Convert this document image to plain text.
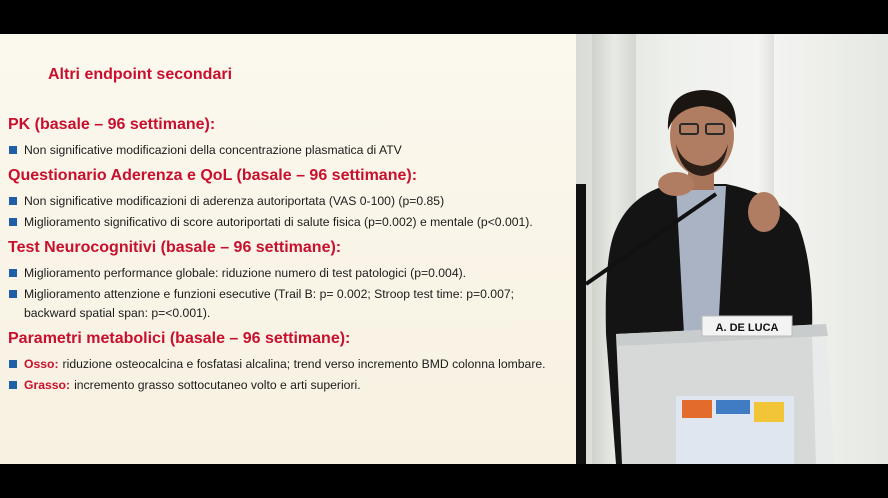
Altri endpoint secondari
PK (basale – 96 settimane):
Non significative modificazioni della concentrazione plasmatica di ATV
Questionario Aderenza e QoL (basale – 96 settimane):
Non significative modificazioni di aderenza autoriportata (VAS 0-100) (p=0.85)
Miglioramento significativo di score autoriportati di salute fisica (p=0.002) e mentale (p<0.001).
Test Neurocognitivi (basale – 96 settimane):
Miglioramento performance globale: riduzione numero di test patologici (p=0.004).
Miglioramento attenzione e funzioni esecutive (Trail B: p= 0.002; Stroop test time: p=0.007; backward spatial span: p=<0.001).
Parametri metabolici (basale – 96 settimane):
Osso: riduzione osteocalcina e fosfatasi alcalina; trend verso incremento BMD colonna lombare.
Grasso: incremento grasso sottocutaneo volto e arti superiori.
A. DE LUCA
